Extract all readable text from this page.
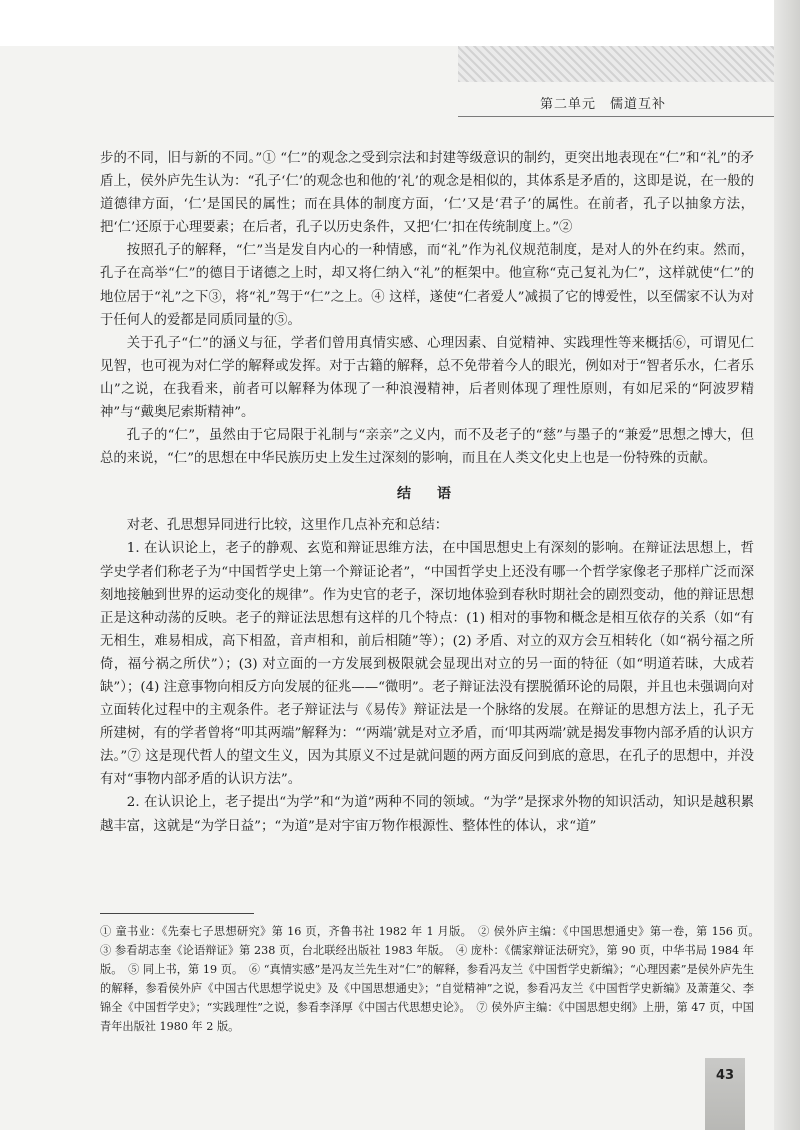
第二单元　儒道互补

步的不同，旧与新的不同。”① “仁”的观念之受到宗法和封建等级意识的制约，更突出地表现在“仁”和“礼”的矛盾上，侯外庐先生认为：“孔子‘仁’的观念也和他的‘礼’的观念是相似的，其体系是矛盾的，这即是说，在一般的道德律方面，‘仁’是国民的属性；而在具体的制度方面，‘仁’又是‘君子’的属性。在前者，孔子以抽象方法，把‘仁’还原于心理要素；在后者，孔子以历史条件，又把‘仁’扣在传统制度上。”②

按照孔子的解释，“仁”当是发自内心的一种情感，而“礼”作为礼仪规范制度，是对人的外在约束。然而，孔子在高举“仁”的德目于诸德之上时，却又将仁纳入“礼”的框架中。他宣称“克己复礼为仁”，这样就使“仁”的地位居于“礼”之下③，将“礼”驾于“仁”之上。④ 这样，遂使“仁者爱人”减损了它的博爱性，以至儒家不认为对于任何人的爱都是同质同量的⑤。

关于孔子“仁”的涵义与征，学者们曾用真情实感、心理因素、自觉精神、实践理性等来概括⑥，可谓见仁见智，也可视为对仁学的解释或发挥。对于古籍的解释，总不免带着今人的眼光，例如对于“智者乐水，仁者乐山”之说，在我看来，前者可以解释为体现了一种浪漫精神，后者则体现了理性原则，有如尼采的“阿波罗精神”与“戴奥尼索斯精神”。

孔子的“仁”，虽然由于它局限于礼制与“亲亲”之义内，而不及老子的“慈”与墨子的“兼爱”思想之博大，但总的来说，“仁”的思想在中华民族历史上发生过深刻的影响，而且在人类文化史上也是一份特殊的贡献。

结　语

对老、孔思想异同进行比较，这里作几点补充和总结：

1. 在认识论上，老子的静观、玄览和辩证思维方法，在中国思想史上有深刻的影响。在辩证法思想上，哲学史学者们称老子为“中国哲学史上第一个辩证论者”，“中国哲学史上还没有哪一个哲学家像老子那样广泛而深刻地接触到世界的运动变化的规律”。作为史官的老子，深切地体验到春秋时期社会的剧烈变动，他的辩证思想正是这种动荡的反映。老子的辩证法思想有这样的几个特点：(1) 相对的事物和概念是相互依存的关系（如“有无相生，难易相成，高下相盈，音声相和，前后相随”等）；(2) 矛盾、对立的双方会互相转化（如“祸兮福之所倚，福兮祸之所伏”）；(3) 对立面的一方发展到极限就会显现出对立的另一面的特征（如“明道若昧，大成若缺”）；(4) 注意事物向相反方向发展的征兆——“微明”。老子辩证法没有摆脱循环论的局限，并且也未强调向对立面转化过程中的主观条件。老子辩证法与《易传》辩证法是一个脉络的发展。在辩证的思想方法上，孔子无所建树，有的学者曾将“叩其两端”解释为：“‘两端’就是对立矛盾，而‘叩其两端’就是揭发事物内部矛盾的认识方法。”⑦ 这是现代哲人的望文生义，因为其原义不过是就问题的两方面反问到底的意思，在孔子的思想中，并没有对“事物内部矛盾的认识方法”。

2. 在认识论上，老子提出“为学”和“为道”两种不同的领域。“为学”是探求外物的知识活动，知识是越积累越丰富，这就是“为学日益”；“为道”是对宇宙万物作根源性、整体性的体认，求“道”

① 童书业：《先秦七子思想研究》第 16 页，齐鲁书社 1982 年 1 月版。　② 侯外庐主编：《中国思想通史》第一卷，第 156 页。　③ 参看胡志奎《论语辩证》第 238 页，台北联经出版社 1983 年版。　④ 庞朴：《儒家辩证法研究》，第 90 页，中华书局 1984 年版。　⑤ 同上书，第 19 页。　⑥ “真情实感”是冯友兰先生对“仁”的解释，参看冯友兰《中国哲学史新编》；“心理因素”是侯外庐先生的解释，参看侯外庐《中国古代思想学说史》及《中国思想通史》；“自觉精神”之说，参看冯友兰《中国哲学史新编》及萧萐父、李锦全《中国哲学史》；“实践理性”之说，参看李泽厚《中国古代思想史论》。　⑦ 侯外庐主编：《中国思想史纲》上册，第 47 页，中国青年出版社 1980 年 2 版。

43
